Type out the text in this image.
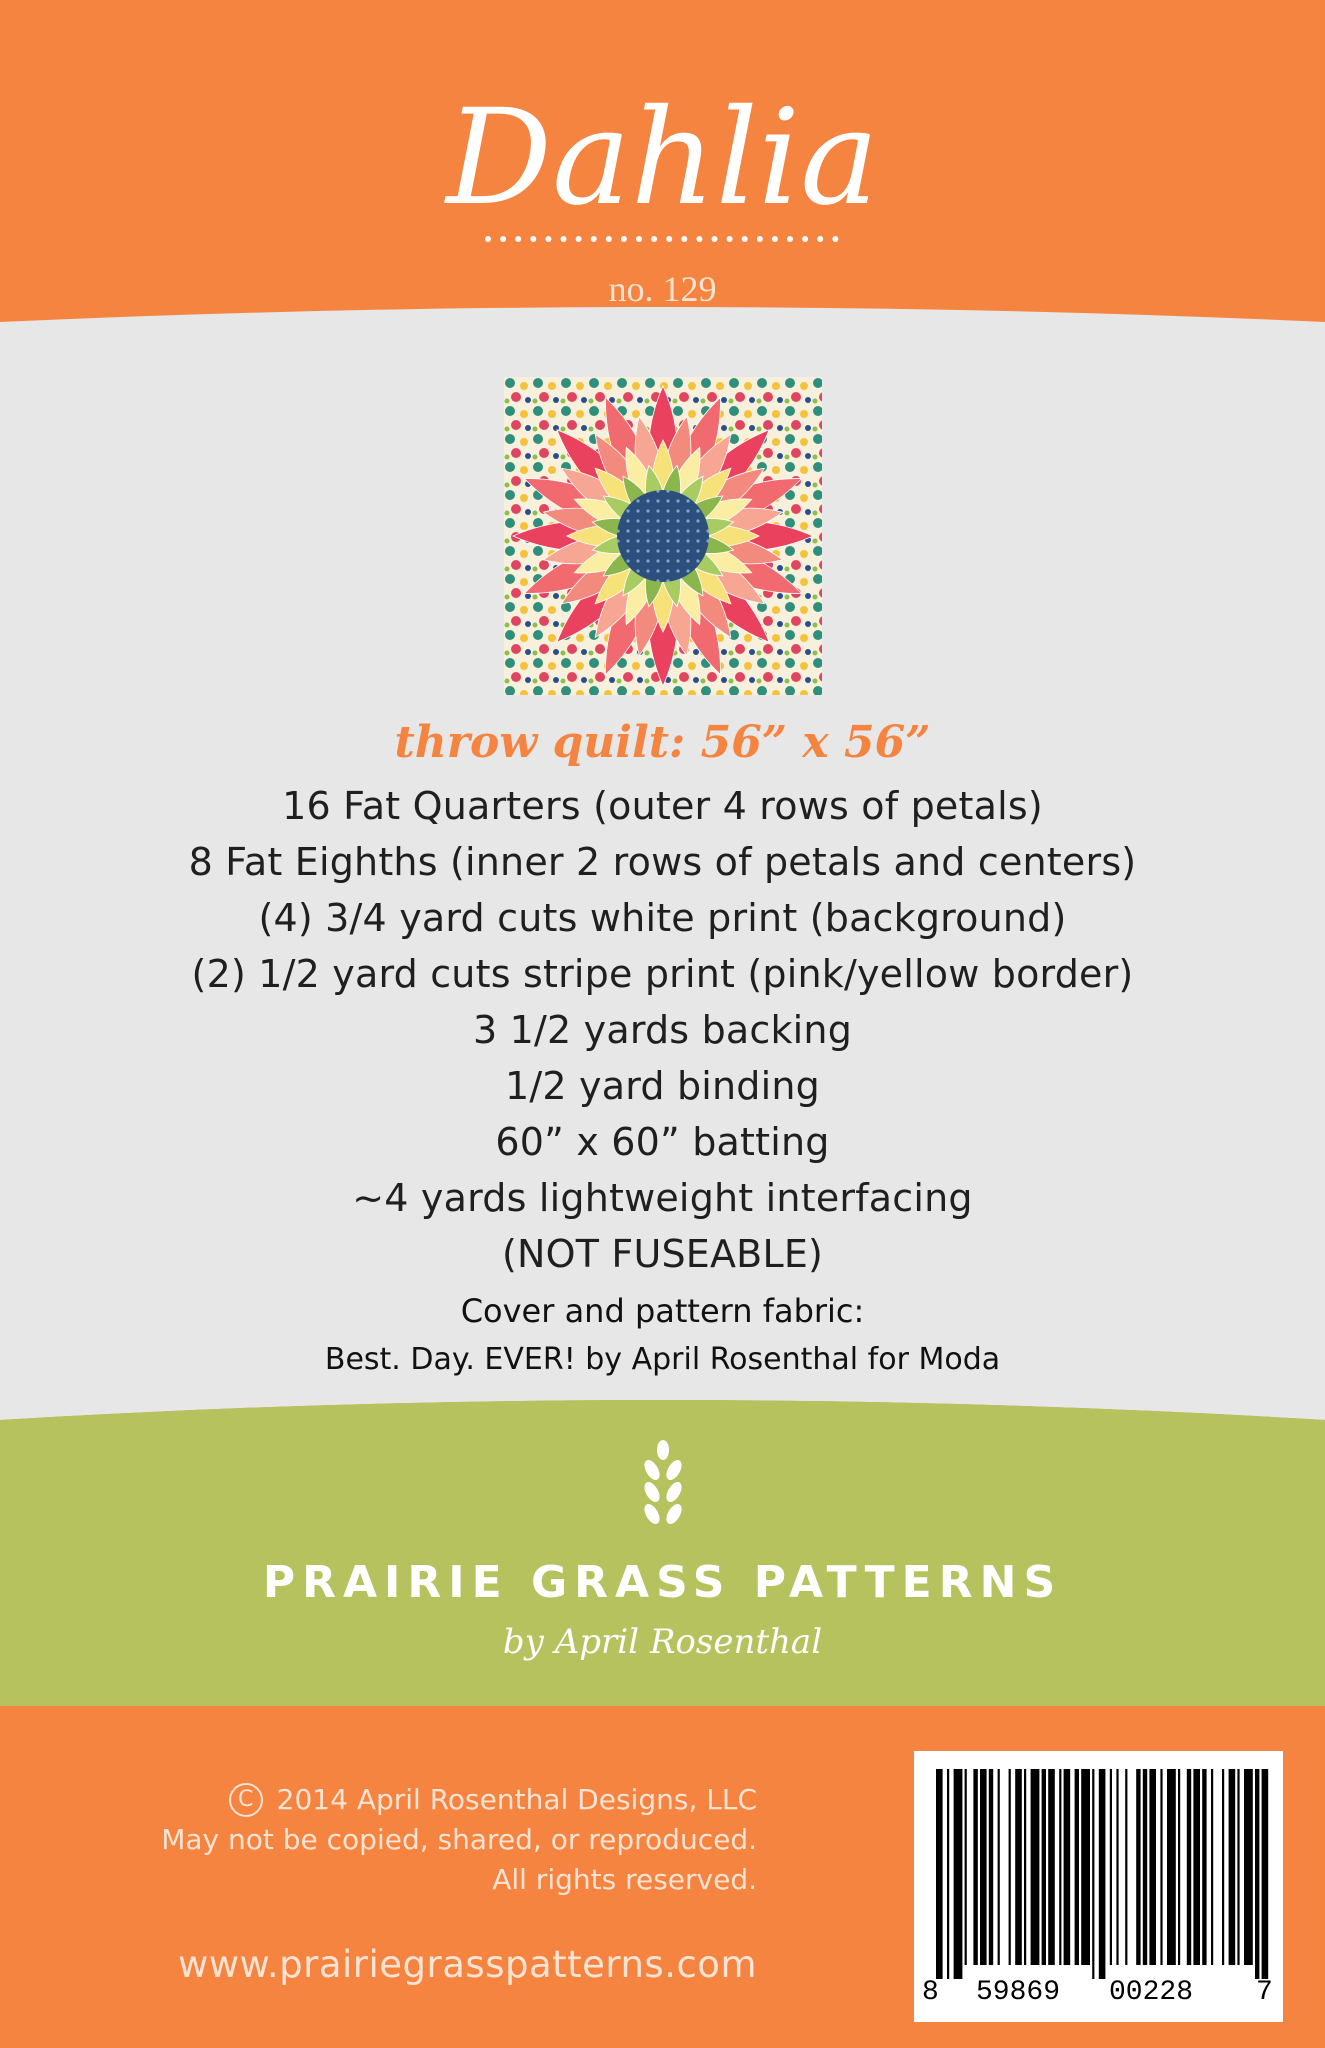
Dahlia
no. 129
throw quilt: 56” x 56”
16 Fat Quarters (outer 4 rows of petals)
8 Fat Eighths (inner 2 rows of petals and centers)
(4) 3/4 yard cuts white print (background)
(2) 1/2 yard cuts stripe print (pink/yellow border)
3 1/2 yards backing
1/2 yard binding
60” x 60” batting
~4 yards lightweight interfacing
(NOT FUSEABLE)
Cover and pattern fabric:
Best. Day. EVER! by April Rosenthal for Moda
PRAIRIE GRASS PATTERNS
by April Rosenthal
C 2014 April Rosenthal Designs, LLC
May not be copied, shared, or reproduced.
All rights reserved.
www.prairiegrasspatterns.com
8 59869 00228 7
